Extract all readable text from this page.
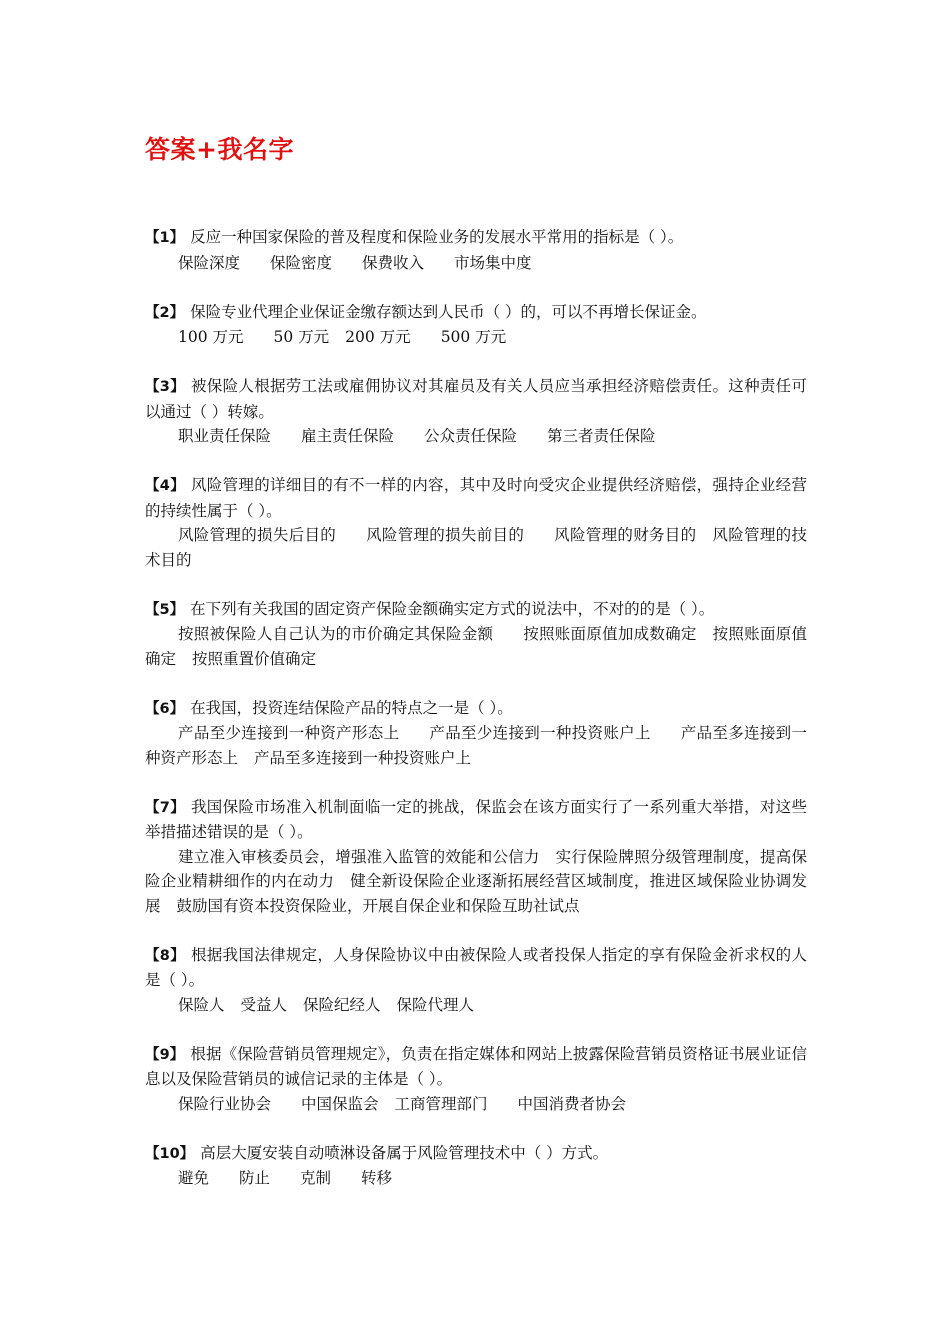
答案+我名字
【1】 反应一种国家保险的普及程度和保险业务的发展水平常用的指标是（ ）。
保险深度 保险密度 保费收入 市场集中度
【2】 保险专业代理企业保证金缴存额达到人民币（ ）的，可以不再增长保证金。
100 万元 50 万元 200 万元 500 万元
【3】 被保险人根据劳工法或雇佣协议对其雇员及有关人员应当承担经济赔偿责任。这种责任可以通过（ ）转嫁。
职业责任保险 雇主责任保险 公众责任保险 第三者责任保险
【4】 风险管理的详细目的有不一样的内容，其中及时向受灾企业提供经济赔偿，强持企业经营的持续性属于（ ）。
风险管理的损失后目的 风险管理的损失前目的 风险管理的财务目的 风险管理的技术目的
【5】 在下列有关我国的固定资产保险金额确实定方式的说法中，不对的的是（ ）。
按照被保险人自己认为的市价确定其保险金额 按照账面原值加成数确定 按照账面原值确定 按照重置价值确定
【6】 在我国，投资连结保险产品的特点之一是（ ）。
产品至少连接到一种资产形态上 产品至少连接到一种投资账户上 产品至多连接到一种资产形态上 产品至多连接到一种投资账户上
【7】 我国保险市场准入机制面临一定的挑战，保监会在该方面实行了一系列重大举措，对这些举措描述错误的是（ ）。
建立准入审核委员会，增强准入监管的效能和公信力 实行保险牌照分级管理制度，提高保险企业精耕细作的内在动力 健全新设保险企业逐渐拓展经营区域制度，推进区域保险业协调发展 鼓励国有资本投资保险业，开展自保企业和保险互助社试点
【8】 根据我国法律规定，人身保险协议中由被保险人或者投保人指定的享有保险金祈求权的人是（ ）。
保险人 受益人 保险纪经人 保险代理人
【9】 根据《保险营销员管理规定》，负责在指定媒体和网站上披露保险营销员资格证书展业证信息以及保险营销员的诚信记录的主体是（ ）。
保险行业协会 中国保监会 工商管理部门 中国消费者协会
【10】 高层大厦安装自动喷淋设备属于风险管理技术中（ ）方式。
避免 防止 克制 转移
